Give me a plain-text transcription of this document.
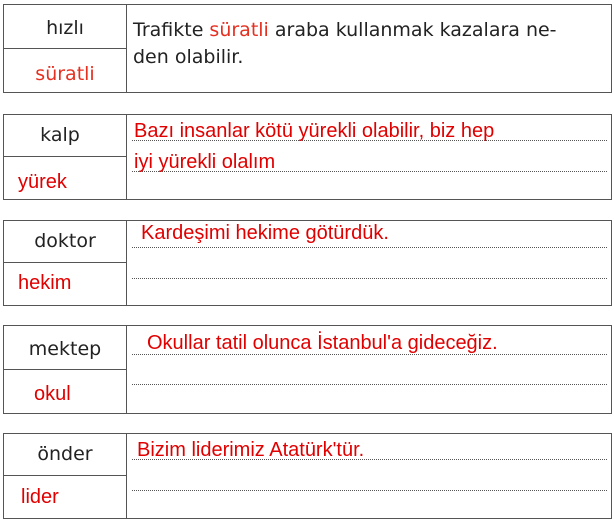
hızlı
süratli
Trafikte süratli araba kullanmak kazalara ne-
den olabilir.
kalp
yürek
Bazı insanlar kötü yürekli olabilir, biz hep
iyi yürekli olalım
doktor
hekim
Kardeşimi hekime götürdük.
mektep
okul
Okullar tatil olunca İstanbul'a gideceğiz.
önder
lider
Bizim liderimiz Atatürk'tür.
